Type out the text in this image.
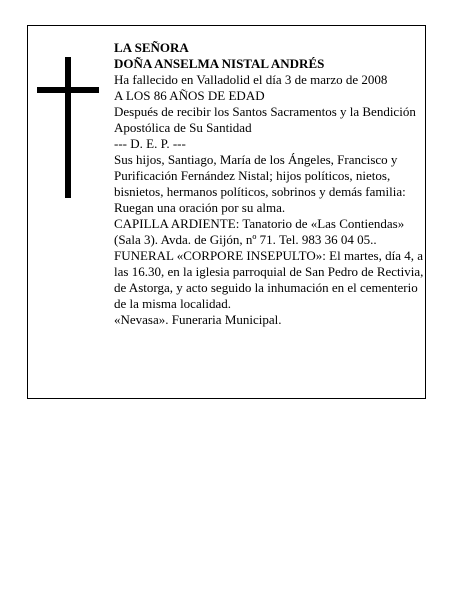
LA SEÑORA

DOÑA ANSELMA NISTAL ANDRÉS

Ha fallecido en Valladolid el día 3 de marzo de 2008

A LOS 86 AÑOS DE EDAD

Después de recibir los Santos Sacramentos y la Bendición Apostólica de Su Santidad

--- D. E. P. ---

Sus hijos, Santiago, María de los Ángeles, Francisco y Purificación Fernández Nistal; hijos políticos, nietos, bisnietos, hermanos políticos, sobrinos y demás familia:

Ruegan una oración por su alma.

CAPILLA ARDIENTE: Tanatorio de «Las Contiendas» (Sala 3). Avda. de Gijón, nº 71. Tel. 983 36 04 05..

FUNERAL «CORPORE INSEPULTO»: El martes, día 4, a las 16.30, en la iglesia parroquial de San Pedro de Rectivia, de Astorga, y acto seguido la inhumación en el cementerio de la misma localidad.

«Nevasa». Funeraria Municipal.
